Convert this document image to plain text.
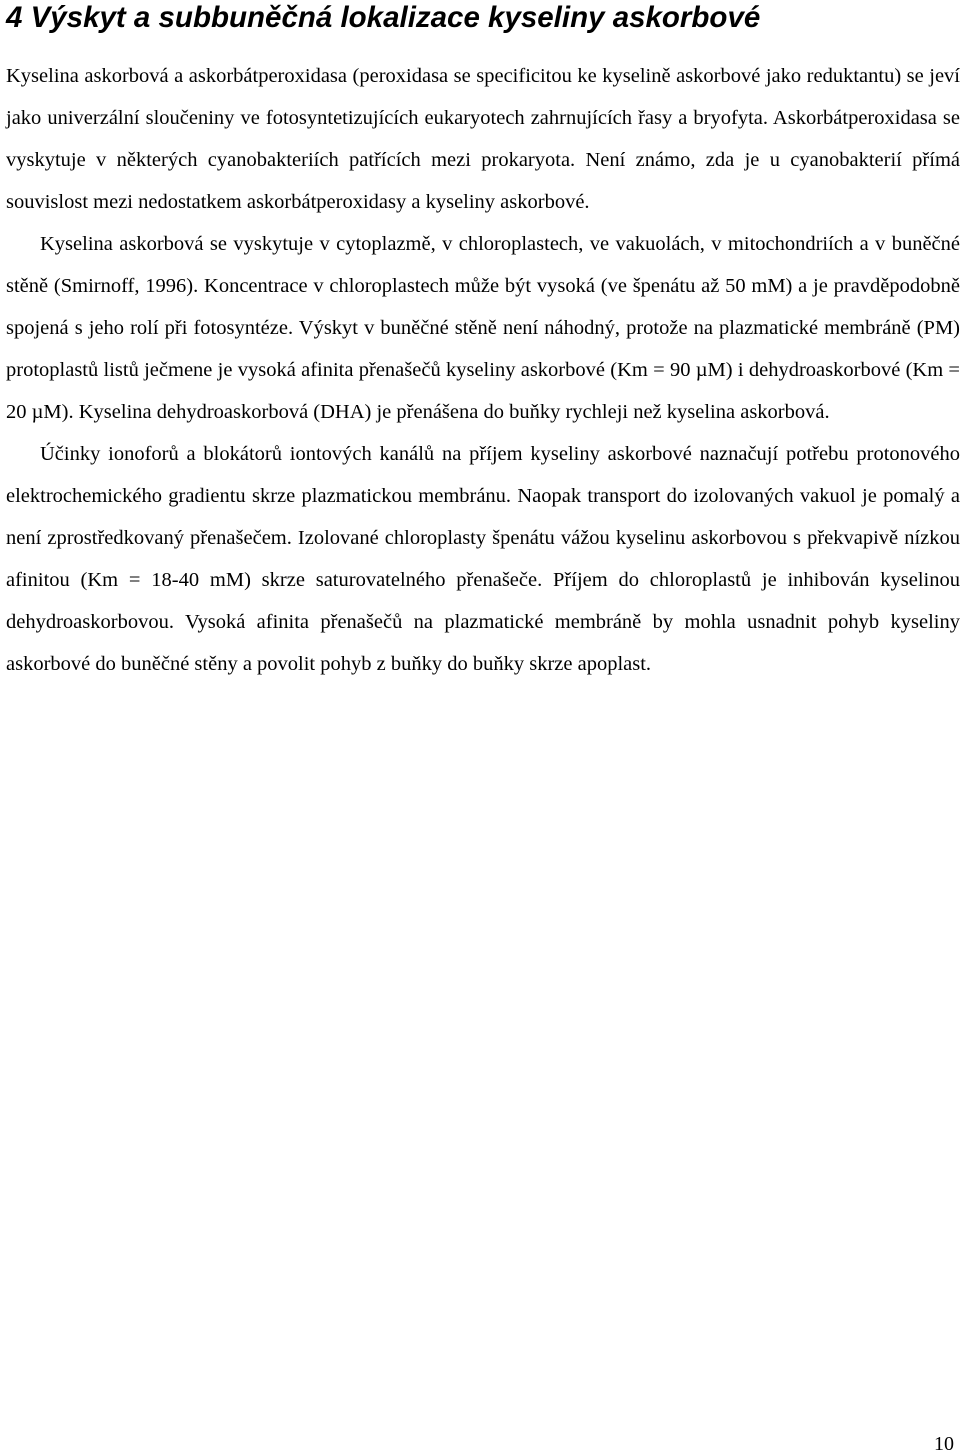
4 Výskyt a subbuněčná lokalizace kyseliny askorbové

Kyselina askorbová a askorbátperoxidasa (peroxidasa se specificitou ke kyselině askorbové jako reduktantu) se jeví jako univerzální sloučeniny ve fotosyntetizujících eukaryotech zahrnujících řasy a bryofyta. Askorbátperoxidasa se vyskytuje v některých cyanobakteriích patřících mezi prokaryota. Není známo, zda je u cyanobakterií přímá souvislost mezi nedostatkem askorbátperoxidasy a kyseliny askorbové.

Kyselina askorbová se vyskytuje v cytoplazmě, v chloroplastech, ve vakuolách, v mitochondriích a v buněčné stěně (Smirnoff, 1996). Koncentrace v chloroplastech může být vysoká (ve špenátu až 50 mM) a je pravděpodobně spojená s jeho rolí při fotosyntéze. Výskyt v buněčné stěně není náhodný, protože na plazmatické membráně (PM) protoplastů listů ječmene je vysoká afinita přenašečů kyseliny askorbové (Km = 90 µM) i dehydroaskorbové (Km = 20 µM). Kyselina dehydroaskorbová (DHA) je přenášena do buňky rychleji než kyselina askorbová.

Účinky ionoforů a blokátorů iontových kanálů na příjem kyseliny askorbové naznačují potřebu protonového elektrochemického gradientu skrze plazmatickou membránu. Naopak transport do izolovaných vakuol je pomalý a není zprostředkovaný přenašečem. Izolované chloroplasty špenátu vážou kyselinu askorbovou s překvapivě nízkou afinitou (Km = 18-40 mM) skrze saturovatelného přenašeče. Příjem do chloroplastů je inhibován kyselinou dehydroaskorbovou. Vysoká afinita přenašečů na plazmatické membráně by mohla usnadnit pohyb kyseliny askorbové do buněčné stěny a povolit pohyb z buňky do buňky skrze apoplast.

10
